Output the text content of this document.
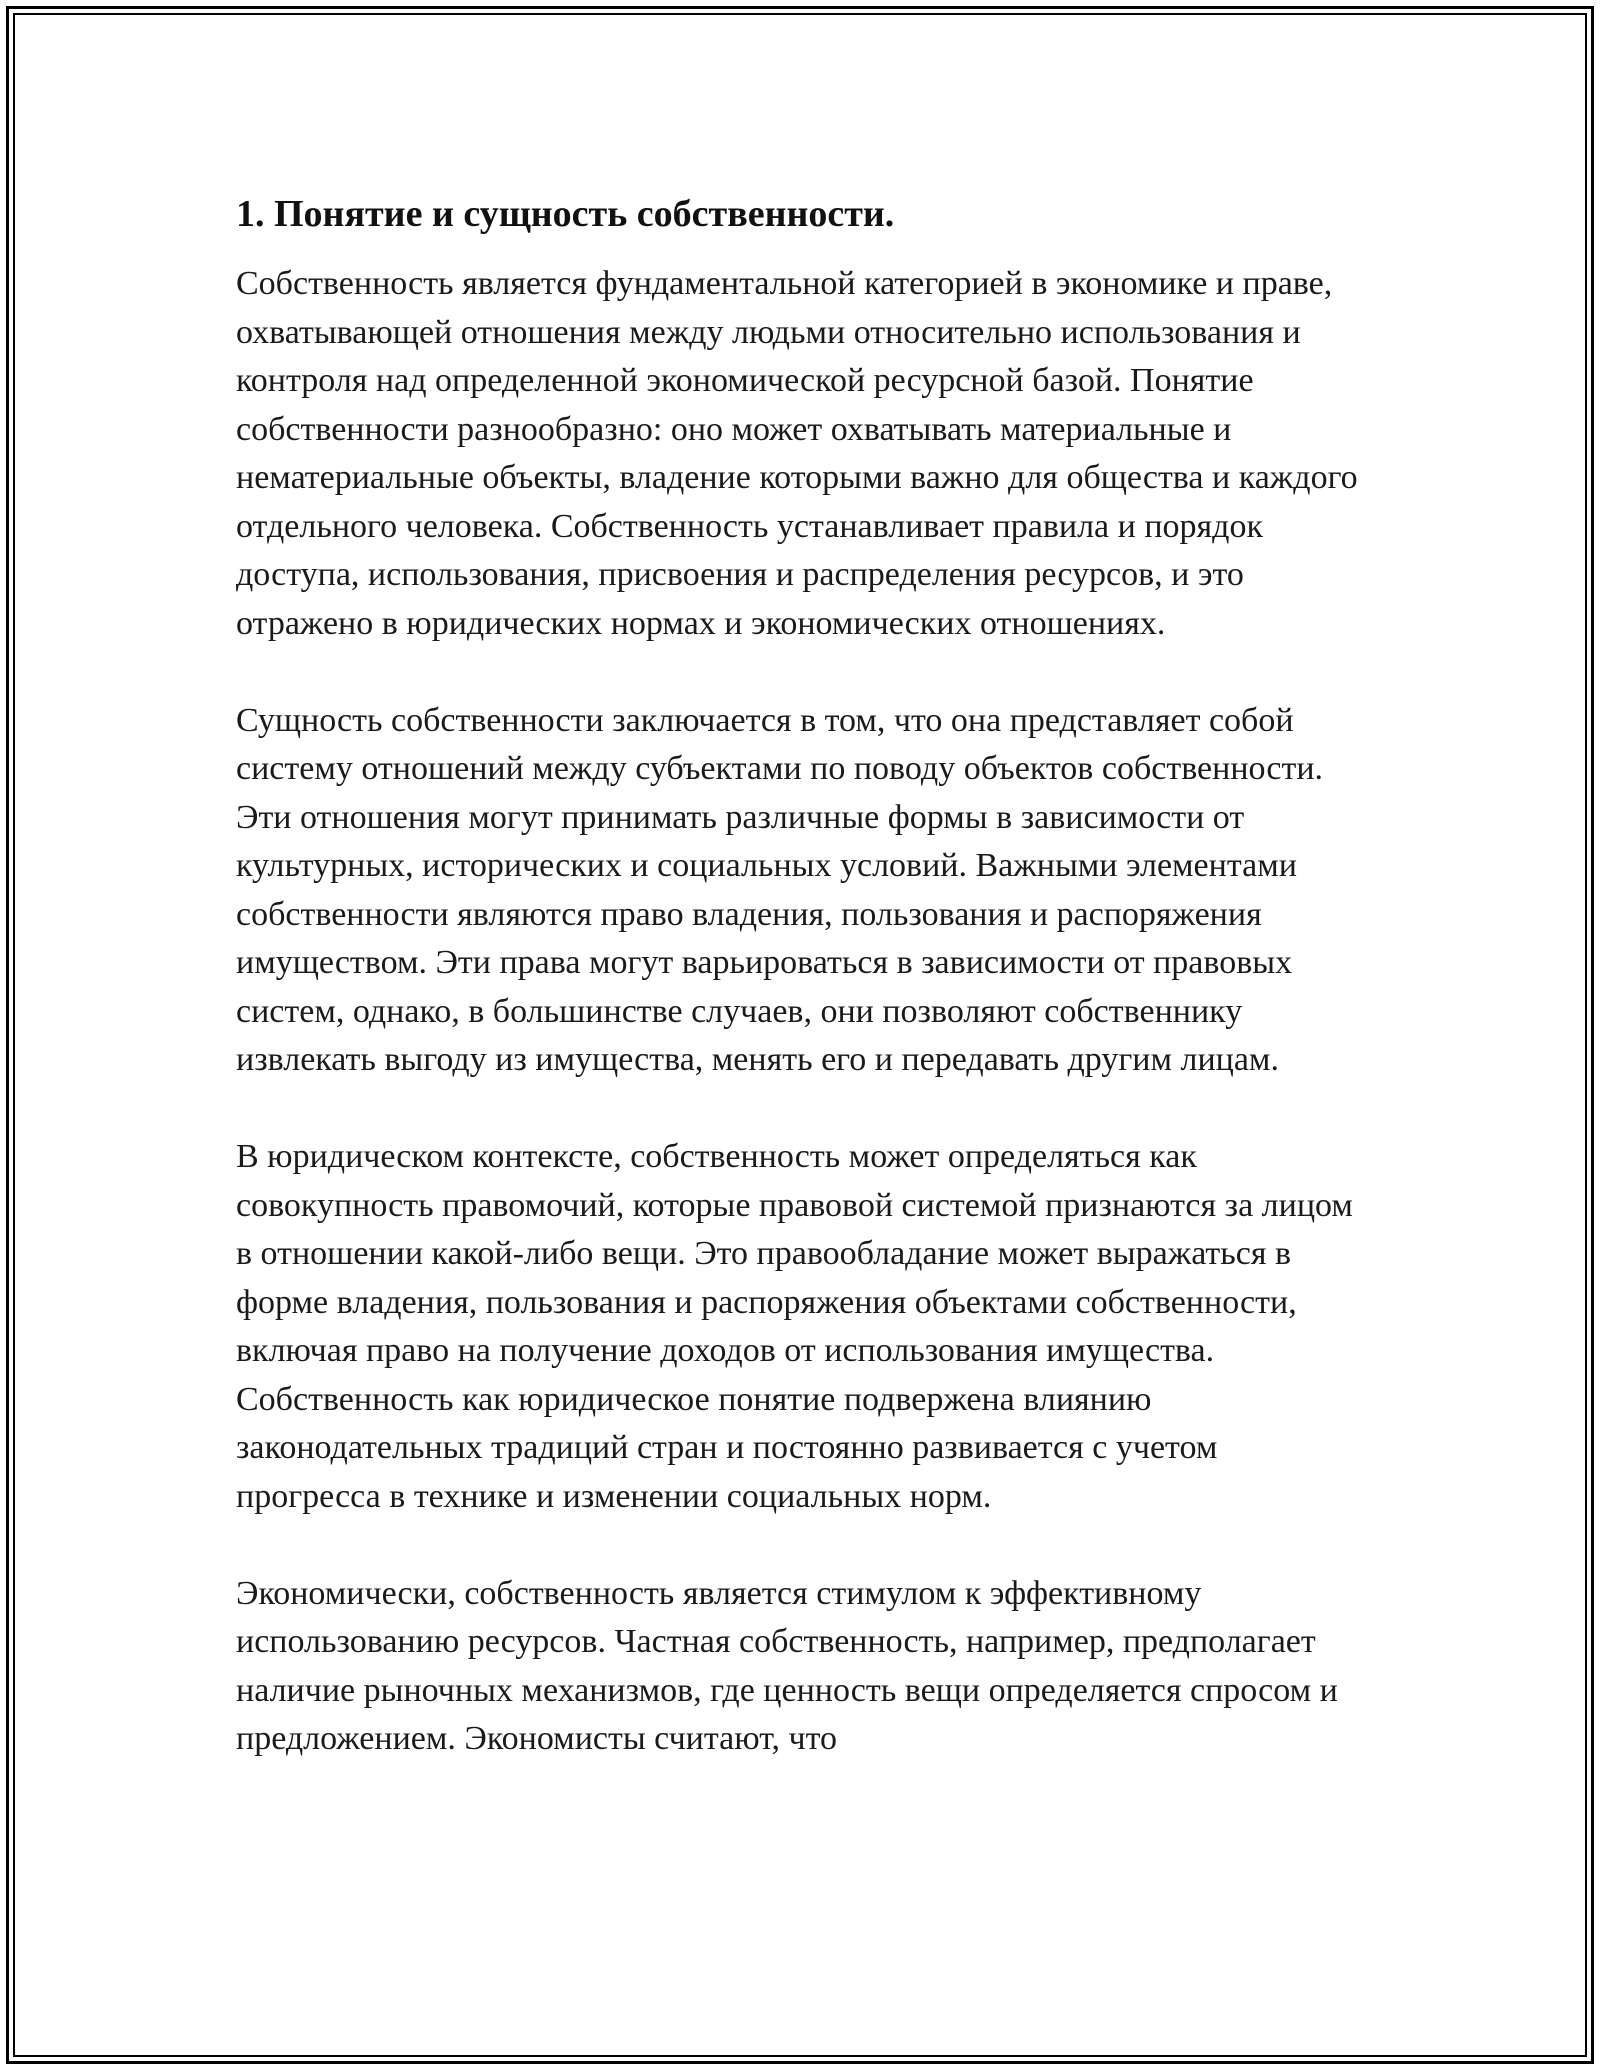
1. Понятие и сущность собственности.

Собственность является фундаментальной категорией в экономике и праве, охватывающей отношения между людьми относительно использования и контроля над определенной экономической ресурсной базой. Понятие собственности разнообразно: оно может охватывать материальные и нематериальные объекты, владение которыми важно для общества и каждого отдельного человека. Собственность устанавливает правила и порядок доступа, использования, присвоения и распределения ресурсов, и это отражено в юридических нормах и экономических отношениях.

Сущность собственности заключается в том, что она представляет собой систему отношений между субъектами по поводу объектов собственности. Эти отношения могут принимать различные формы в зависимости от культурных, исторических и социальных условий. Важными элементами собственности являются право владения, пользования и распоряжения имуществом. Эти права могут варьироваться в зависимости от правовых систем, однако, в большинстве случаев, они позволяют собственнику извлекать выгоду из имущества, менять его и передавать другим лицам.

В юридическом контексте, собственность может определяться как совокупность правомочий, которые правовой системой признаются за лицом в отношении какой-либо вещи. Это правообладание может выражаться в форме владения, пользования и распоряжения объектами собственности, включая право на получение доходов от использования имущества. Собственность как юридическое понятие подвержена влиянию законодательных традиций стран и постоянно развивается с учетом прогресса в технике и изменении социальных норм.

Экономически, собственность является стимулом к эффективному использованию ресурсов. Частная собственность, например, предполагает наличие рыночных механизмов, где ценность вещи определяется спросом и предложением. Экономисты считают, что
